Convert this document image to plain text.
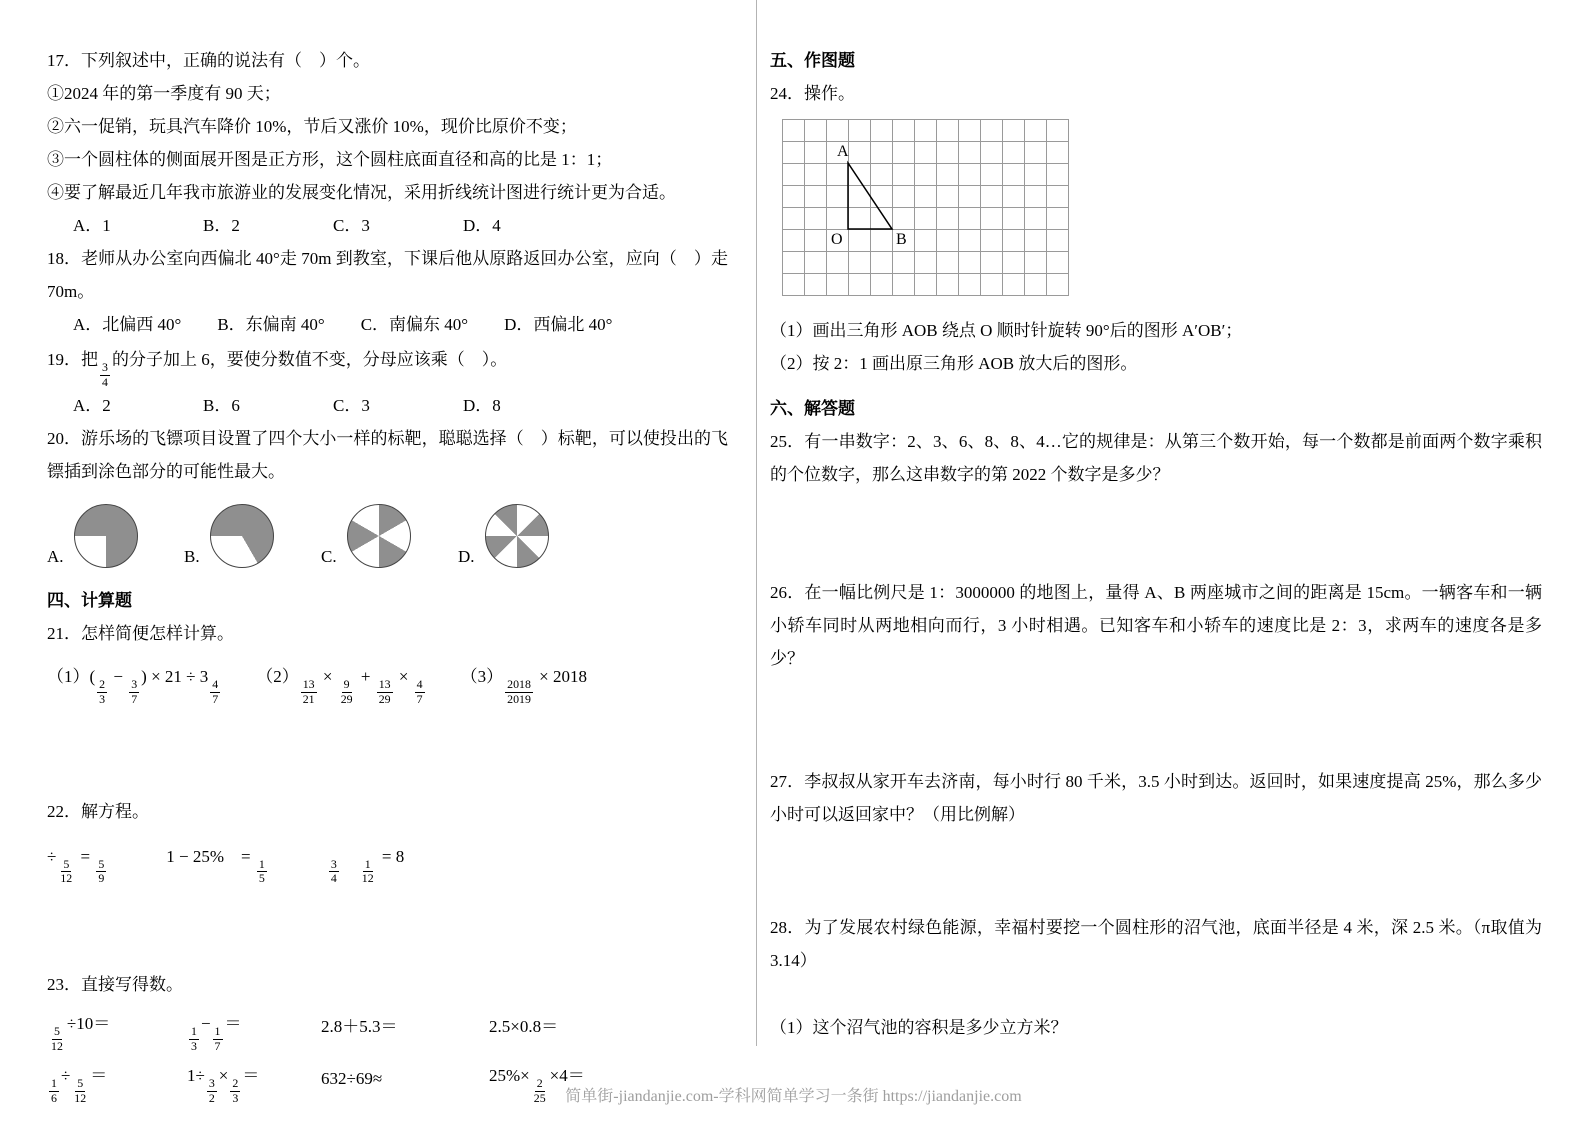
17．下列叙述中，正确的说法有（　）个。

①2024 年的第一季度有 90 天；

②六一促销，玩具汽车降价 10%，节后又涨价 10%，现价比原价不变；

③一个圆柱体的侧面展开图是正方形，这个圆柱底面直径和高的比是 1：1；

④要了解最近几年我市旅游业的发展变化情况，采用折线统计图进行统计更为合适。

A．1	B．2	C．3	D．4

18．老师从办公室向西偏北 40°走 70m 到教室，下课后他从原路返回办公室，应向（　）走 70m。

A．北偏西 40° B．东偏南 40° C．南偏东 40° D．西偏北 40°

19．把
$\frac{3}{4}$
的分子加上 6，要使分数值不变，分母应该乘（　）。

A．2	B．6	C．3	D．8

20．游乐场的飞镖项目设置了四个大小一样的标靶，聪聪选择（　）标靶，可以使投出的飞镖插到涂色部分的可能性最大。

A.	B.	C.	D.

四、计算题

21．怎样简便怎样计算。

（1）(
$\frac{2}{3}$
−
$\frac{3}{7}$
) × 21 ÷ 3
$\frac{4}{7}$
（2）
$\frac{13}{21}$
×
$\frac{9}{29}$
+
$\frac{13}{29}$
×
$\frac{4}{7}$
（3）
$\frac{2018}{2019}$
× 2018

22．解方程。

÷
$\frac{5}{12}$
=
$\frac{5}{9}$
1 − 25%　=
$\frac{1}{5}$	$\frac{3}{4}$
　 $\frac{1}{12}$
= 8

23．直接写得数。

$\frac{5}{12}$
÷10＝
$\frac{1}{3}$
−
$\frac{1}{7}$
＝	2.8＋5.3＝	2.5×0.8＝
$\frac{1}{6}$
÷
$\frac{5}{12}$
＝	1÷
$\frac{3}{2}$
×
$\frac{2}{3}$
＝	632÷69≈	25%×
$\frac{2}{25}$
×4＝

五、作图题

24．操作。

A
O	B

（1）画出三角形 AOB 绕点 O 顺时针旋转 90°后的图形 A′OB′；

（2）按 2：1 画出原三角形 AOB 放大后的图形。

六、解答题

25．有一串数字：2、3、6、8、8、4…它的规律是：从第三个数开始，每一个数都是前面两个数字乘积的个位数字，那么这串数字的第 2022 个数字是多少？

26．在一幅比例尺是 1：3000000 的地图上，量得 A、B 两座城市之间的距离是 15cm。一辆客车和一辆小轿车同时从两地相向而行，3 小时相遇。已知客车和小轿车的速度比是 2：3，求两车的速度各是多少？

27．李叔叔从家开车去济南，每小时行 80 千米，3.5 小时到达。返回时，如果速度提高 25%，那么多少小时可以返回家中？（用比例解）

28．为了发展农村绿色能源，幸福村要挖一个圆柱形的沼气池，底面半径是 4 米，深 2.5 米。（π取值为 3.14）

（1）这个沼气池的容积是多少立方米？

简单街-jiandanjie.com-学科网简单学习一条街 https://jiandanjie.com
